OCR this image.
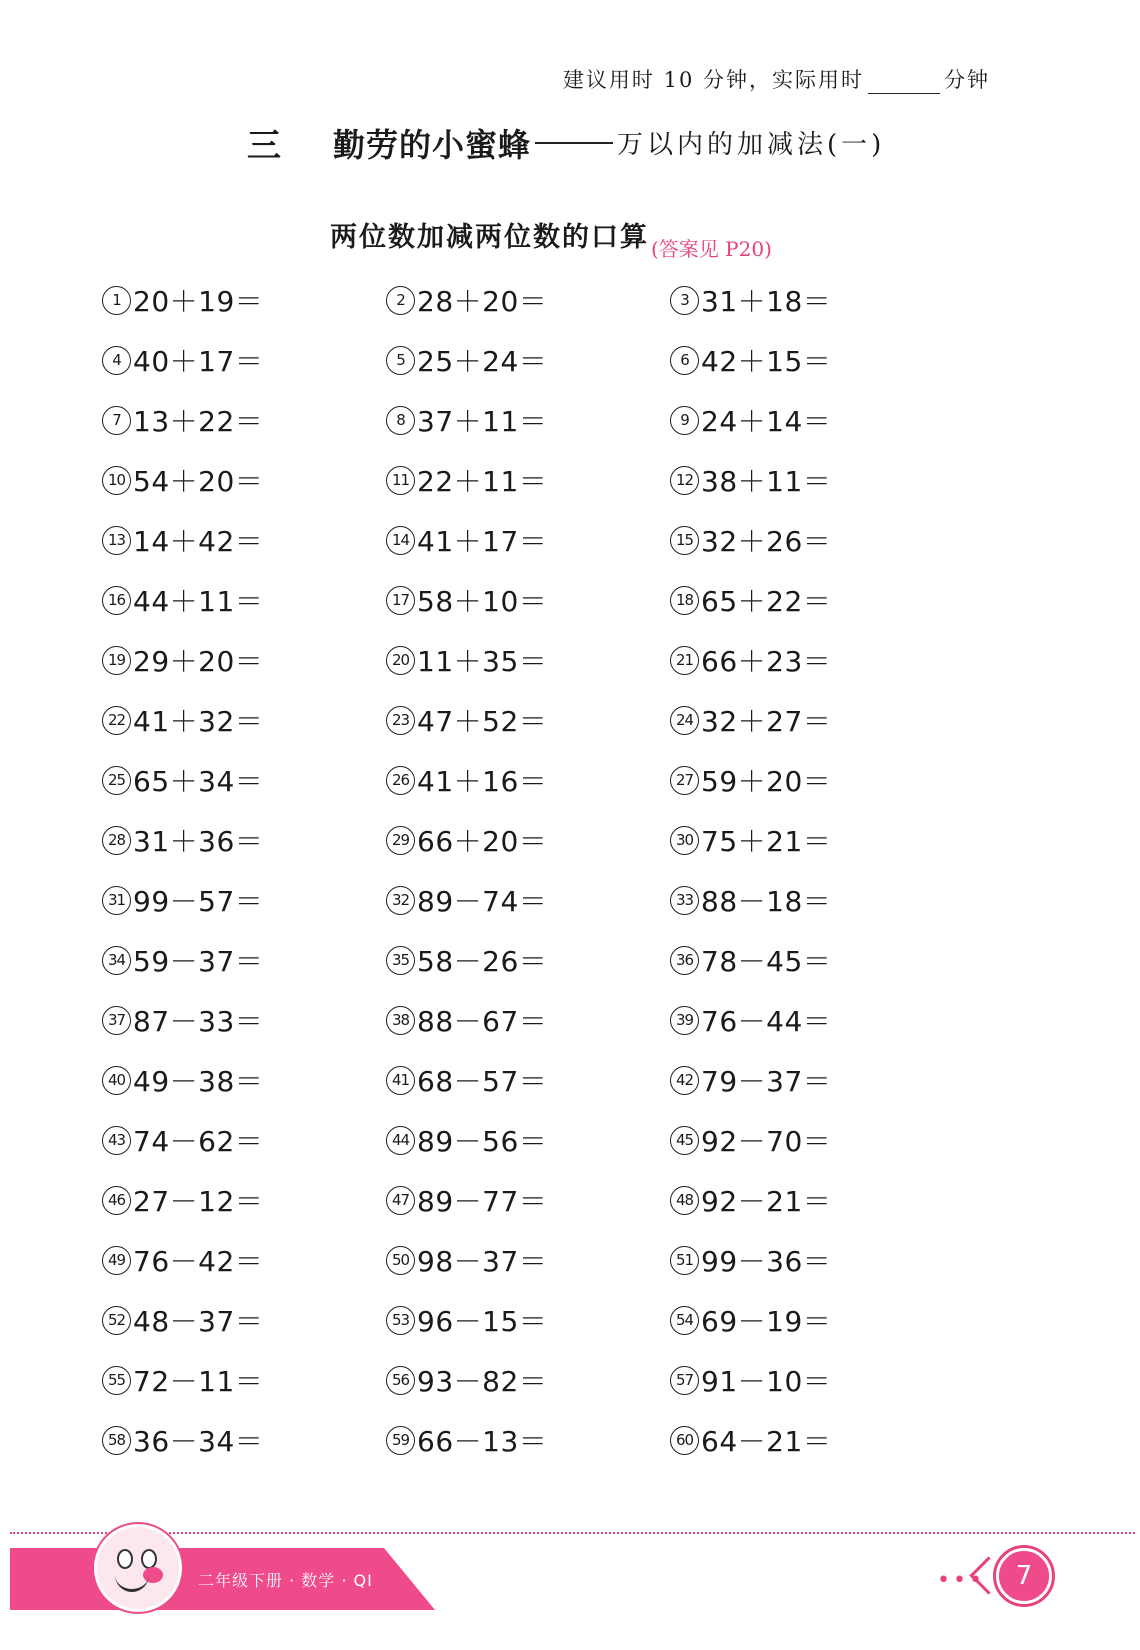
建议用时 10 分钟，实际用时	分钟
三 勤劳的小蜜蜂	万以内的加减法(一)
两位数加减两位数的口算 (答案见 P20)
1 20＋19＝	2 28＋20＝	3 31＋18＝
4 40＋17＝	5 25＋24＝	6 42＋15＝
7 13＋22＝	8 37＋11＝	9 24＋14＝
10 54＋20＝	11 22＋11＝	12 38＋11＝
13 14＋42＝	14 41＋17＝	15 32＋26＝
16 44＋11＝	17 58＋10＝	18 65＋22＝
19 29＋20＝	20 11＋35＝	21 66＋23＝
22 41＋32＝	23 47＋52＝	24 32＋27＝
25 65＋34＝	26 41＋16＝	27 59＋20＝
28 31＋36＝	29 66＋20＝	30 75＋21＝
31 99－57＝	32 89－74＝	33 88－18＝
34 59－37＝	35 58－26＝	36 78－45＝
37 87－33＝	38 88－67＝	39 76－44＝
40 49－38＝	41 68－57＝	42 79－37＝
43 74－62＝	44 89－56＝	45 92－70＝
46 27－12＝	47 89－77＝	48 92－21＝
49 76－42＝	50 98－37＝	51 99－36＝
52 48－37＝	53 96－15＝	54 69－19＝
55 72－11＝	56 93－82＝	57 91－10＝
58 36－34＝	59 66－13＝	60 64－21＝
二年级下册 · 数学 · QI	•••	7
